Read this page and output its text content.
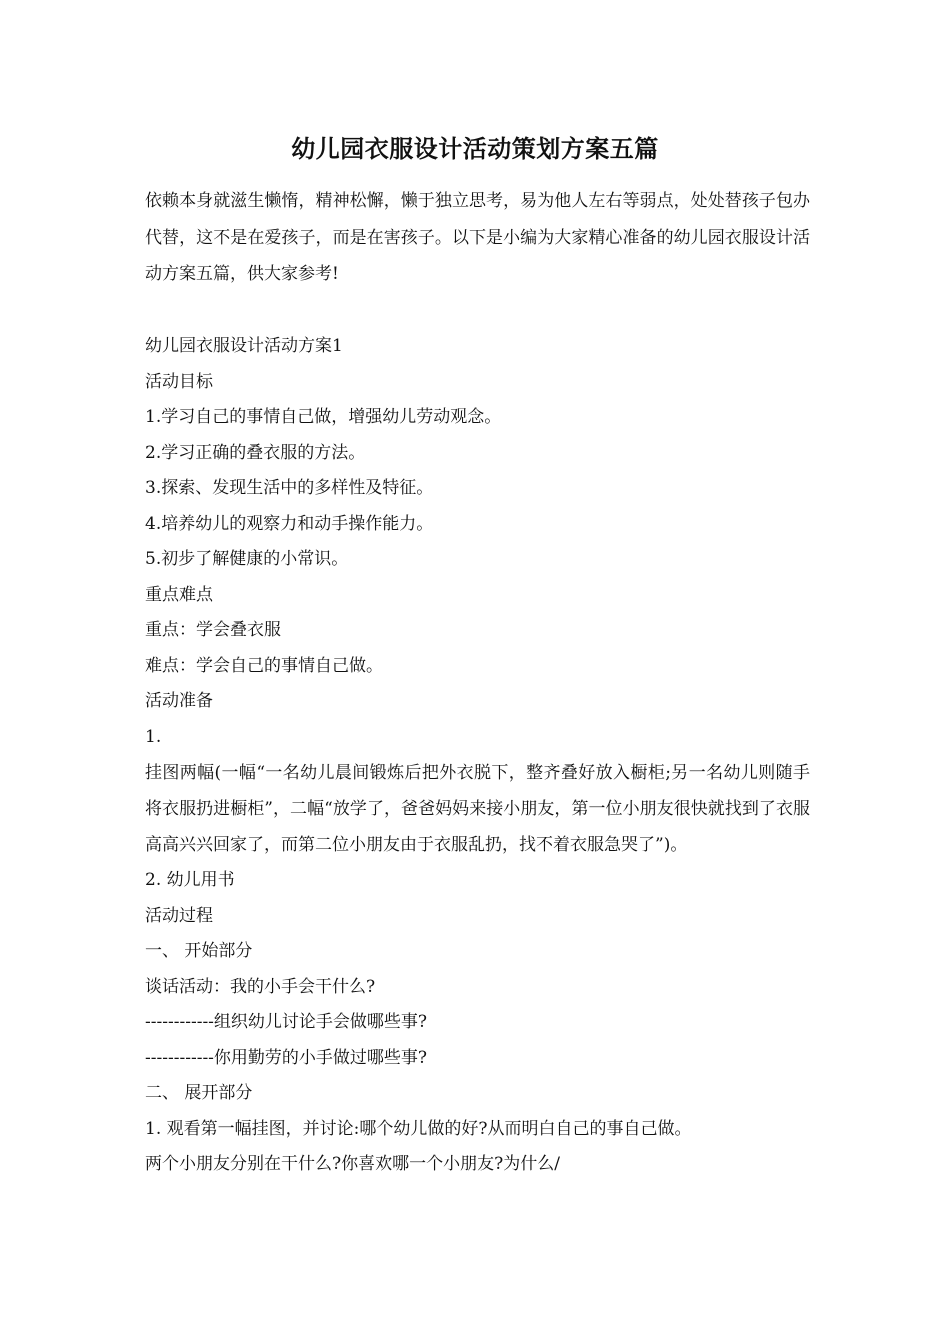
幼儿园衣服设计活动策划方案五篇

依赖本身就滋生懒惰，精神松懈，懒于独立思考，易为他人左右等弱点，处处替孩子包办代替，这不是在爱孩子，而是在害孩子。以下是小编为大家精心准备的幼儿园衣服设计活动方案五篇，供大家参考!

幼儿园衣服设计活动方案1
活动目标
1.学习自己的事情自己做，增强幼儿劳动观念。
2.学习正确的叠衣服的方法。
3.探索、发现生活中的多样性及特征。
4.培养幼儿的观察力和动手操作能力。
5.初步了解健康的小常识。
重点难点
重点：学会叠衣服
难点：学会自己的事情自己做。
活动准备
1.

挂图两幅(一幅“一名幼儿晨间锻炼后把外衣脱下，整齐叠好放入橱柜;另一名幼儿则随手将衣服扔进橱柜”，二幅“放学了，爸爸妈妈来接小朋友，第一位小朋友很快就找到了衣服高高兴兴回家了，而第二位小朋友由于衣服乱扔，找不着衣服急哭了”)。

2. 幼儿用书
活动过程
一、 开始部分
谈话活动：我的小手会干什么?
------------组织幼儿讨论手会做哪些事?
------------你用勤劳的小手做过哪些事?
二、 展开部分
1. 观看第一幅挂图，并讨论:哪个幼儿做的好?从而明白自己的事自己做。
两个小朋友分别在干什么?你喜欢哪一个小朋友?为什么/
